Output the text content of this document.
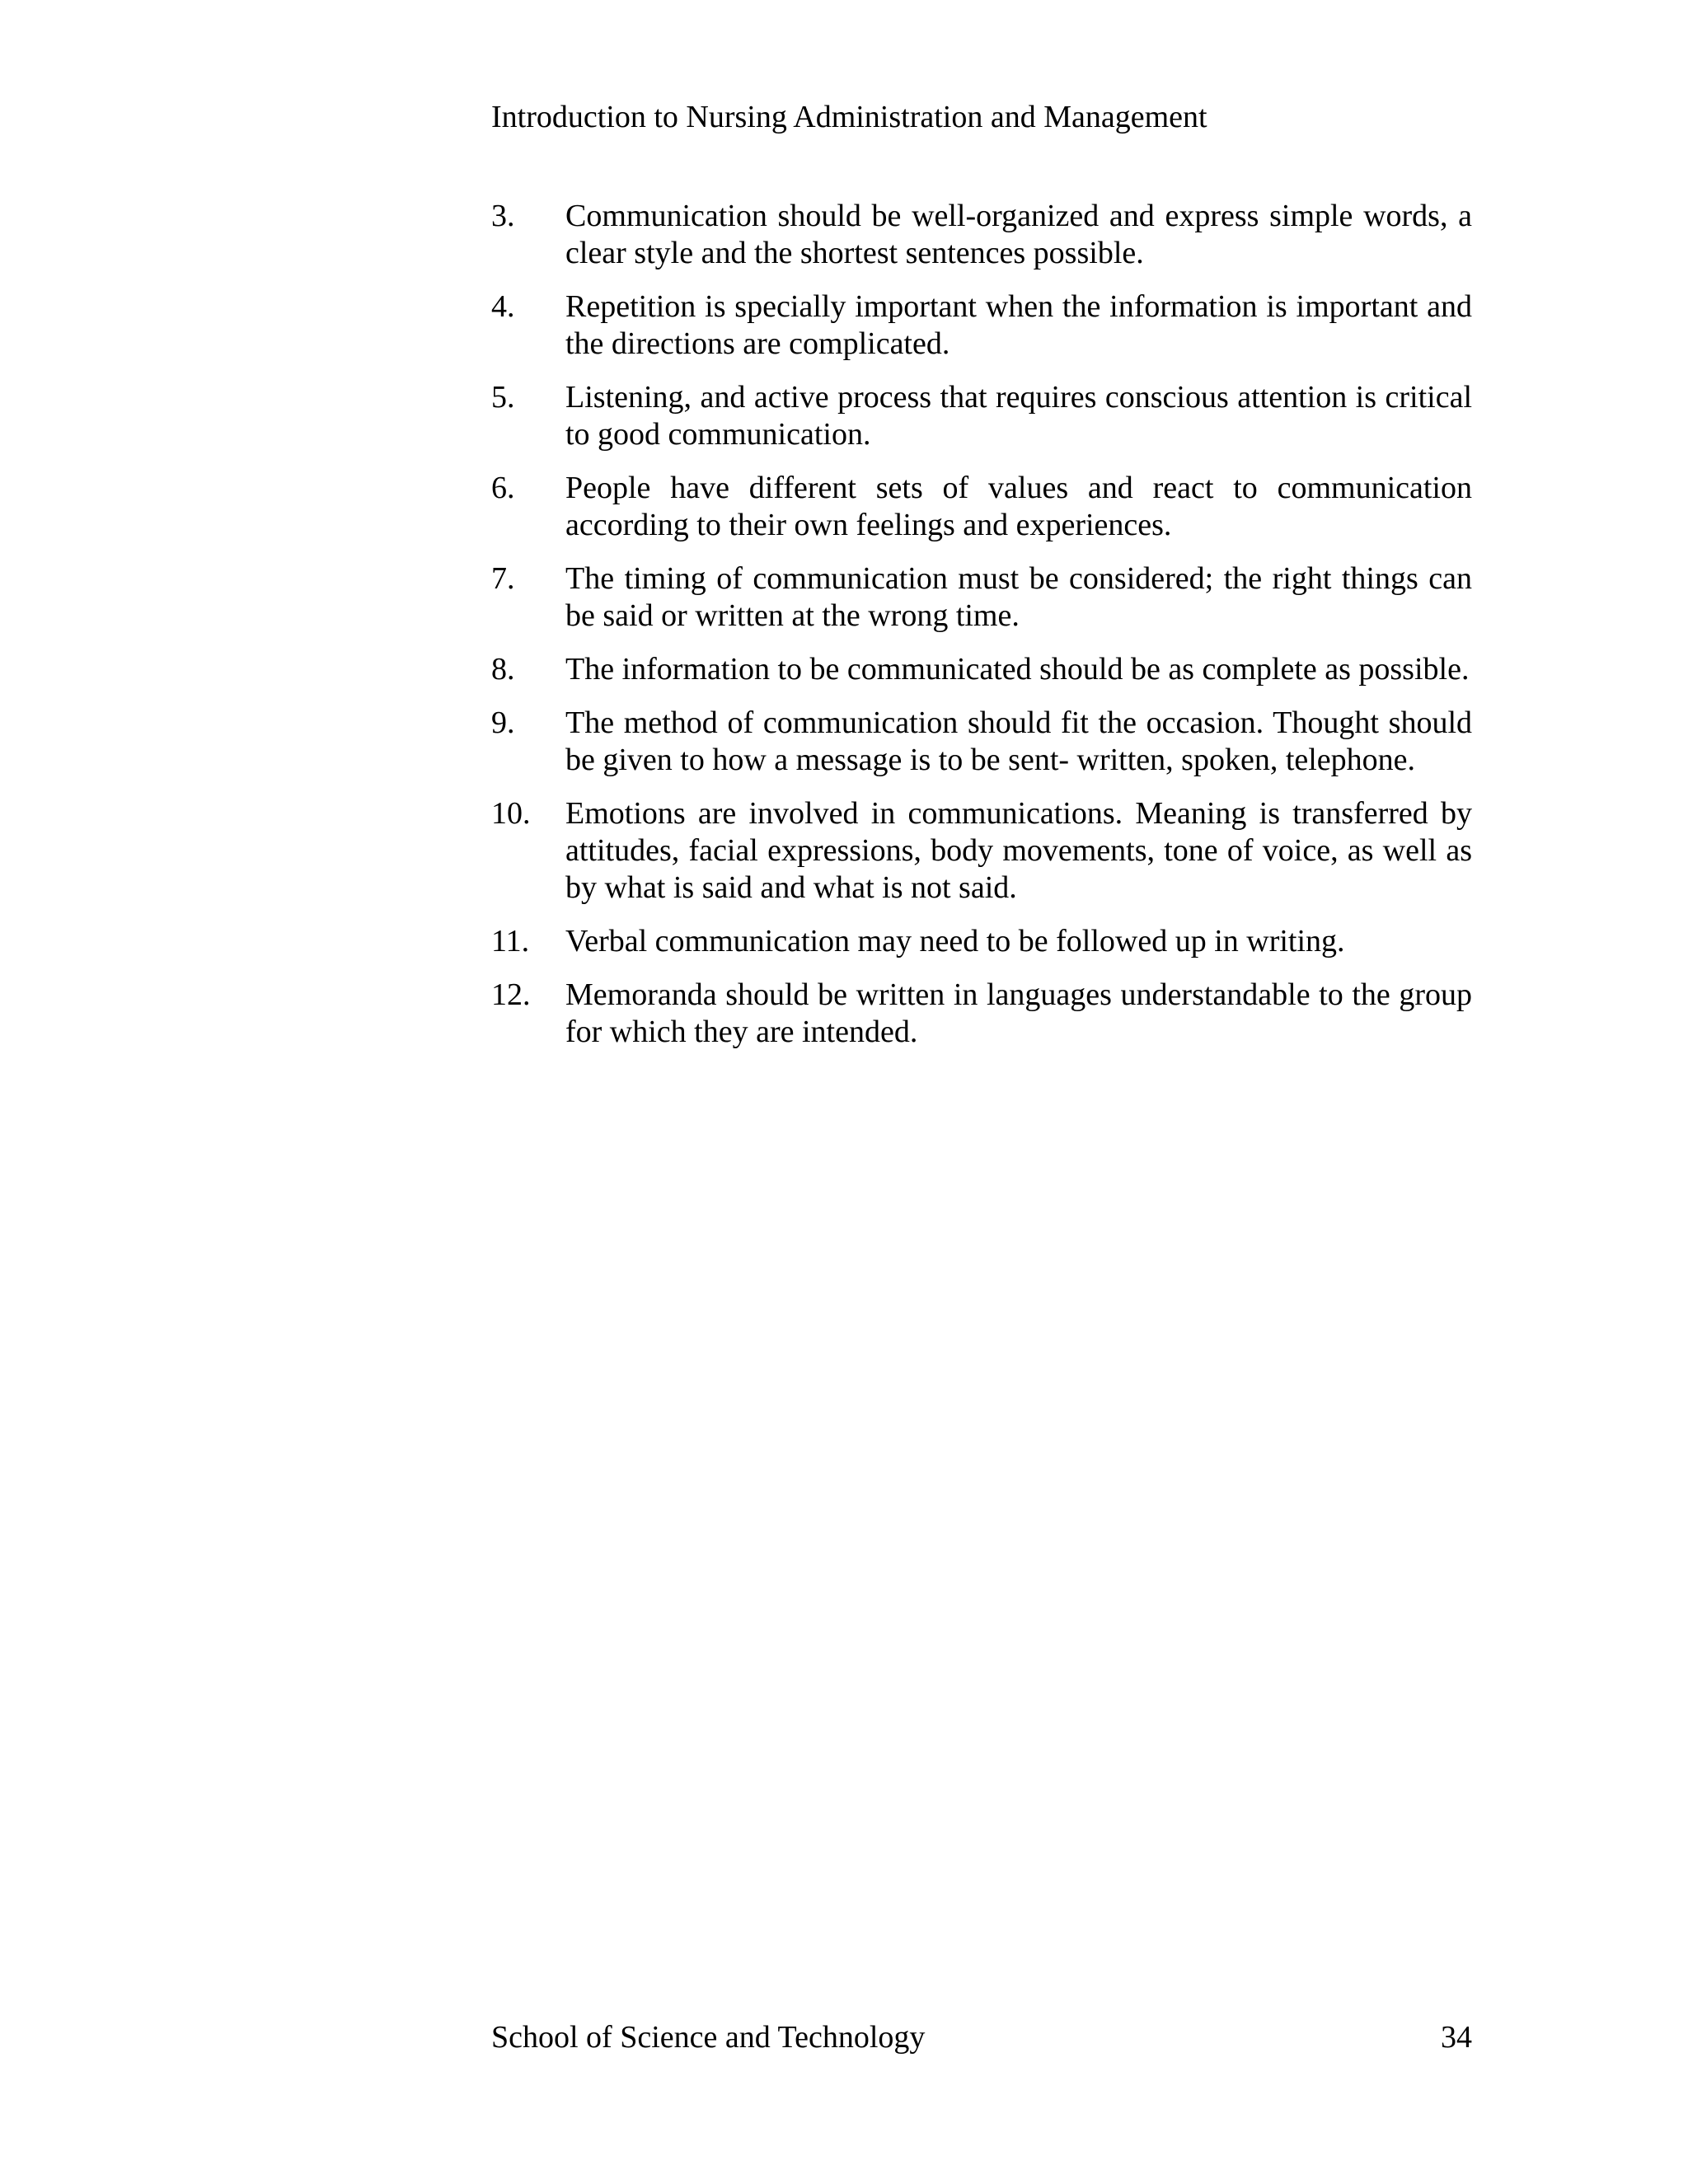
Introduction to Nursing Administration and Management
3.	Communication should be well-organized and express simple words, a clear style and the shortest sentences possible.
4.	Repetition is specially important when the information is important and the directions are complicated.
5.	Listening, and active process that requires conscious attention is critical to good communication.
6.	People have different sets of values and react to communication according to their own feelings and experiences.
7.	The timing of communication must be considered; the right things can be said or written at the wrong time.
8.	The information to be communicated should be as complete as possible.
9.	The method of communication should fit the occasion. Thought should be given to how a message is to be sent- written, spoken, telephone.
10.	Emotions are involved in communications. Meaning is transferred by attitudes, facial expressions, body movements, tone of voice, as well as by what is said and what is not said.
11.	Verbal communication may need to be followed up in writing.
12.	Memoranda should be written in languages understandable to the group for which they are intended.
School of Science and Technology	34
